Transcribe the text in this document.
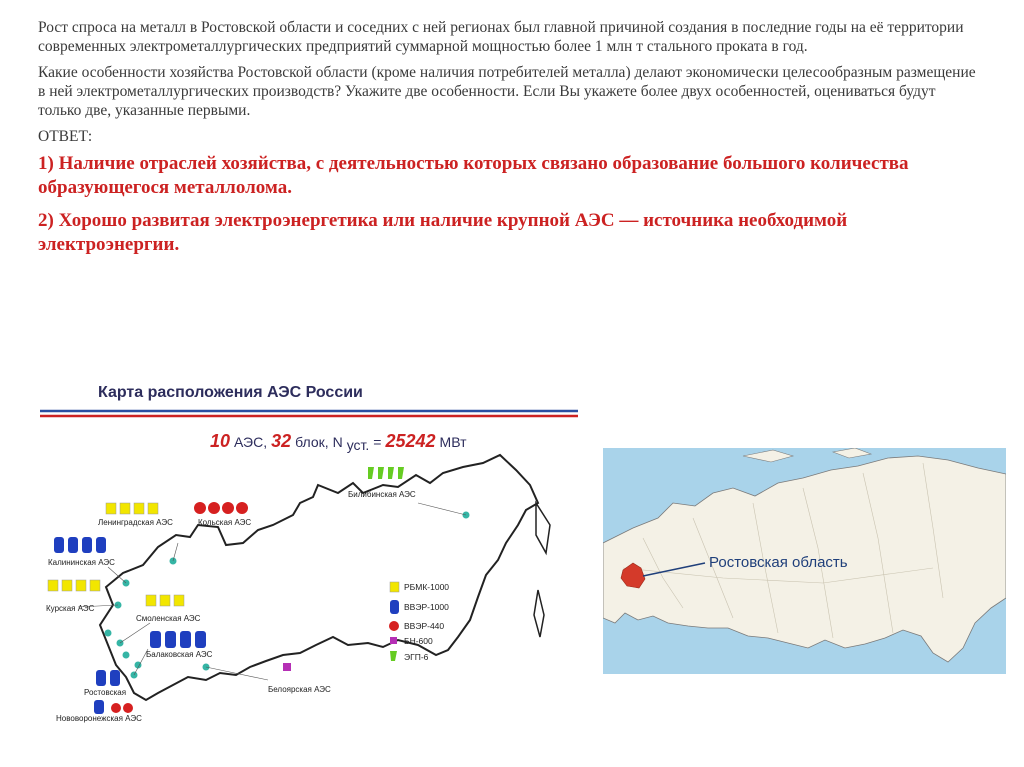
Рост спроса на металл в Ростовской области и соседних с ней регионах был главной причиной создания в последние годы на её территории современных электрометаллургических предприятий суммарной мощностью более 1 млн т стального проката в год.

Какие особенности хозяйства Ростовской области (кроме наличия потребителей металла) делают экономически целесообразным размещение в ней электрометаллургических производств? Укажите две особенности. Если Вы укажете более двух особенностей, оцениваться будут только две, указанные первыми.

ОТВЕТ:

1) Наличие отраслей хозяйства, с деятельностью которых связано образование большого количества образующегося металлолома.

2) Хорошо развитая электроэнергетика или наличие крупной АЭС — источника необходимой электроэнергии.

Карта расположения АЭС России
10 АЭС, 32 блок, N уст. = 25242 МВт
Билибинская АЭС
Кольская АЭС
Ленинградская АЭС
Калининская АЭС
Курская АЭС
Смоленская АЭС
Балаковская АЭС
Ростовская
Нововоронежская АЭС
Белоярская АЭС
РБМК-1000
ВВЭР-1000
ВВЭР-440
БН-600
ЭГП-6
Ростовская область
